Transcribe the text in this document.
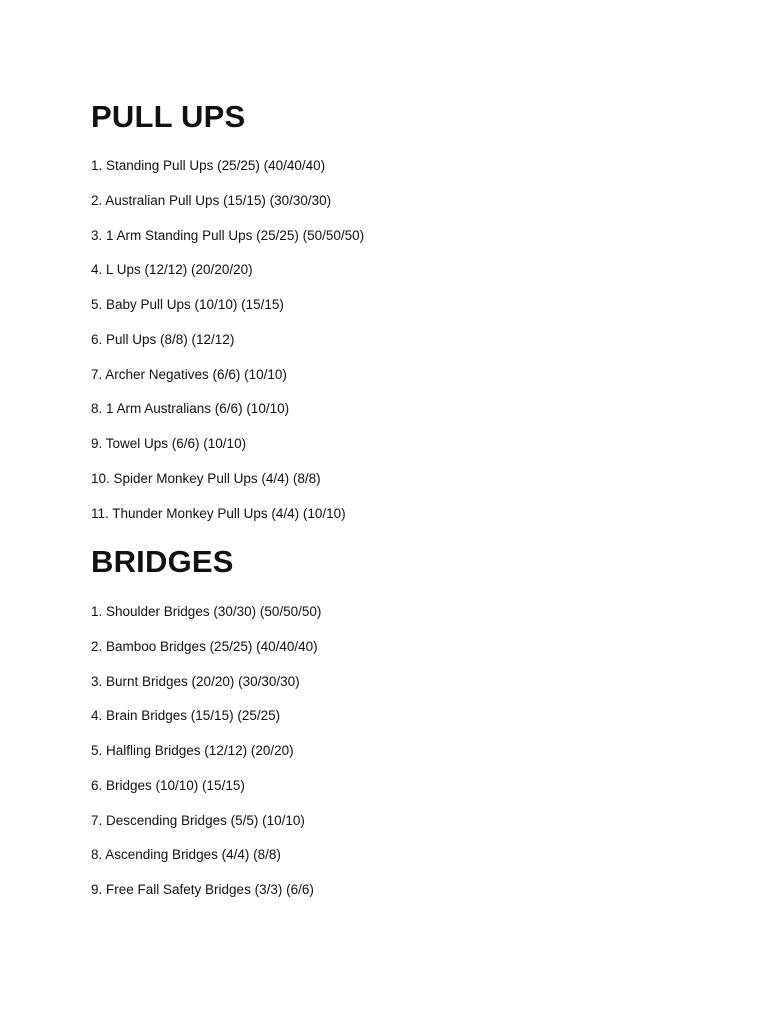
PULL UPS
1. Standing Pull Ups (25/25) (40/40/40)
2. Australian Pull Ups (15/15) (30/30/30)
3. 1 Arm Standing Pull Ups (25/25) (50/50/50)
4. L Ups (12/12) (20/20/20)
5. Baby Pull Ups (10/10) (15/15)
6. Pull Ups (8/8) (12/12)
7. Archer Negatives (6/6) (10/10)
8. 1 Arm Australians (6/6) (10/10)
9. Towel Ups (6/6) (10/10)
10. Spider Monkey Pull Ups (4/4) (8/8)
11. Thunder Monkey Pull Ups (4/4) (10/10)
BRIDGES
1. Shoulder Bridges (30/30) (50/50/50)
2. Bamboo Bridges (25/25) (40/40/40)
3. Burnt Bridges (20/20) (30/30/30)
4. Brain Bridges (15/15) (25/25)
5. Halfling Bridges (12/12) (20/20)
6. Bridges (10/10) (15/15)
7. Descending Bridges (5/5) (10/10)
8. Ascending Bridges (4/4) (8/8)
9. Free Fall Safety Bridges (3/3) (6/6)
